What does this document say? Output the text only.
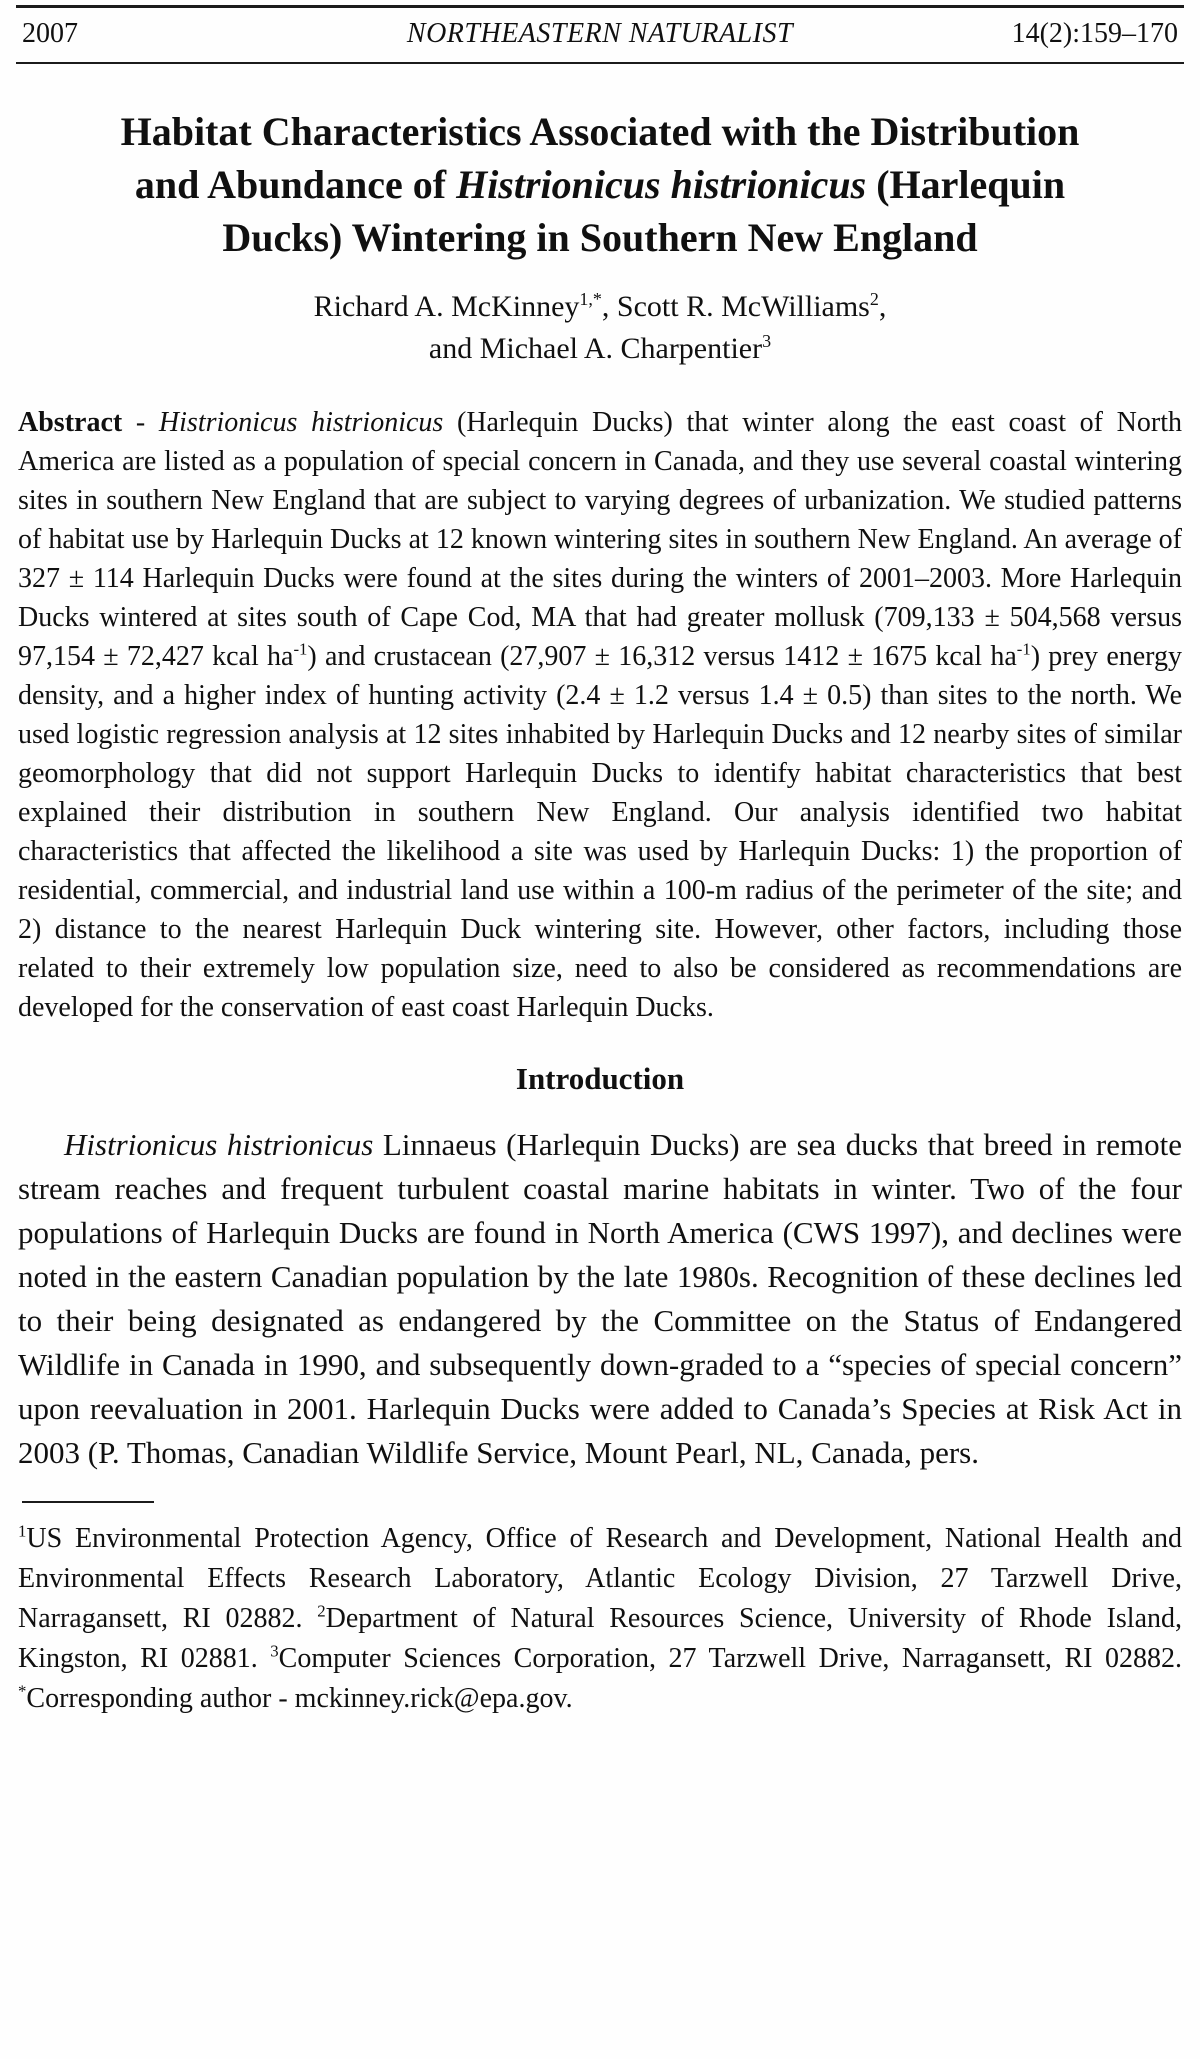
2007	NORTHEASTERN NATURALIST	14(2):159–170
Habitat Characteristics Associated with the Distribution
and Abundance of Histrionicus histrionicus (Harlequin
Ducks) Wintering in Southern New England
Richard A. McKinney$^{1,*}$, Scott R. McWilliams$^2$,
and Michael A. Charpentier$^3$

Abstract - Histrionicus histrionicus (Harlequin Ducks) that winter along the east coast of North America are listed as a population of special concern in Canada, and they use several coastal wintering sites in southern New England that are subject to varying degrees of urbanization. We studied patterns of habitat use by Harlequin Ducks at 12 known wintering sites in southern New England. An average of 327 ± 114 Harlequin Ducks were found at the sites during the winters of 2001–2003. More Harlequin Ducks wintered at sites south of Cape Cod, MA that had greater mollusk (709,133 ± 504,568 versus 97,154 ± 72,427 kcal $ha^{-1}$) and crustacean (27,907 ± 16,312 versus 1412 ± 1675 kcal $ha^{-1}$) prey energy density, and a higher index of hunting activity (2.4 ± 1.2 versus 1.4 ± 0.5) than sites to the north. We used logistic regression analysis at 12 sites inhabited by Harlequin Ducks and 12 nearby sites of similar geomorphology that did not support Harlequin Ducks to identify habitat characteristics that best explained their distribution in southern New England. Our analysis identified two habitat characteristics that affected the likelihood a site was used by Harlequin Ducks: 1) the proportion of residential, commercial, and industrial land use within a 100-m radius of the perimeter of the site; and 2) distance to the nearest Harlequin Duck wintering site. However, other factors, including those related to their extremely low population size, need to also be considered as recommendations are developed for the conservation of east coast Harlequin Ducks.

Introduction

Histrionicus histrionicus Linnaeus (Harlequin Ducks) are sea ducks that breed in remote stream reaches and frequent turbulent coastal marine habitats in winter. Two of the four populations of Harlequin Ducks are found in North America (CWS 1997), and declines were noted in the eastern Canadian population by the late 1980s. Recognition of these declines led to their being designated as endangered by the Committee on the Status of Endangered Wildlife in Canada in 1990, and subsequently down-graded to a “species of special concern” upon reevaluation in 2001. Harlequin Ducks were added to Canada’s Species at Risk Act in 2003 (P. Thomas, Canadian Wildlife Service, Mount Pearl, NL, Canada, pers.

$^1$US Environmental Protection Agency, Office of Research and Development, National Health and Environmental Effects Research Laboratory, Atlantic Ecology Division, 27 Tarzwell Drive, Narragansett, RI 02882. $^2$Department of Natural Resources Science, University of Rhode Island, Kingston, RI 02881. $^3$Computer Sciences Corporation, 27 Tarzwell Drive, Narragansett, RI 02882. *Corresponding author - mckinney.rick@epa.gov.
